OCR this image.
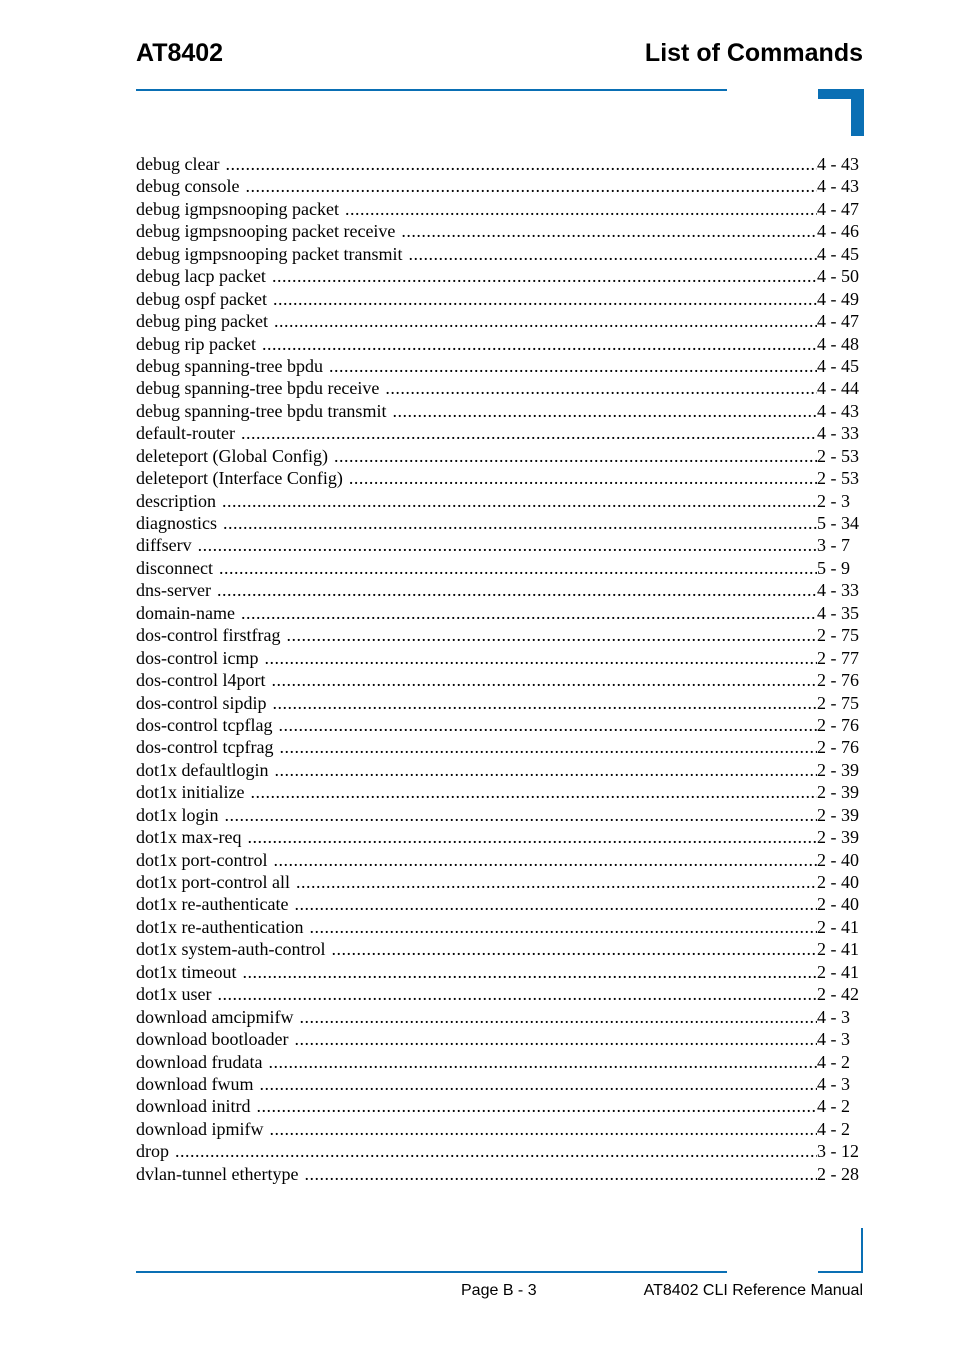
AT8402	List of Commands
debug clear .....	4 - 43
debug console .....	4 - 43
debug igmpsnooping packet .....	4 - 47
debug igmpsnooping packet receive .....	4 - 46
debug igmpsnooping packet transmit .....	4 - 45
debug lacp packet .....	4 - 50
debug ospf packet .....	4 - 49
debug ping packet .....	4 - 47
debug rip packet .....	4 - 48
debug spanning-tree bpdu .....	4 - 45
debug spanning-tree bpdu receive .....	4 - 44
debug spanning-tree bpdu transmit .....	4 - 43
default-router .....	4 - 33
deleteport (Global Config) .....	2 - 53
deleteport (Interface Config) .....	2 - 53
description .....	2 - 3
diagnostics .....	5 - 34
diffserv .....	3 - 7
disconnect .....	5 - 9
dns-server .....	4 - 33
domain-name .....	4 - 35
dos-control firstfrag .....	2 - 75
dos-control icmp .....	2 - 77
dos-control l4port .....	2 - 76
dos-control sipdip .....	2 - 75
dos-control tcpflag .....	2 - 76
dos-control tcpfrag .....	2 - 76
dot1x defaultlogin .....	2 - 39
dot1x initialize .....	2 - 39
dot1x login .....	2 - 39
dot1x max-req .....	2 - 39
dot1x port-control .....	2 - 40
dot1x port-control all .....	2 - 40
dot1x re-authenticate .....	2 - 40
dot1x re-authentication .....	2 - 41
dot1x system-auth-control .....	2 - 41
dot1x timeout .....	2 - 41
dot1x user .....	2 - 42
download amcipmifw .....	4 - 3
download bootloader .....	4 - 3
download frudata .....	4 - 2
download fwum .....	4 - 3
download initrd .....	4 - 2
download ipmifw .....	4 - 2
drop .....	3 - 12
dvlan-tunnel ethertype .....	2 - 28
Page B - 3	AT8402 CLI Reference Manual
